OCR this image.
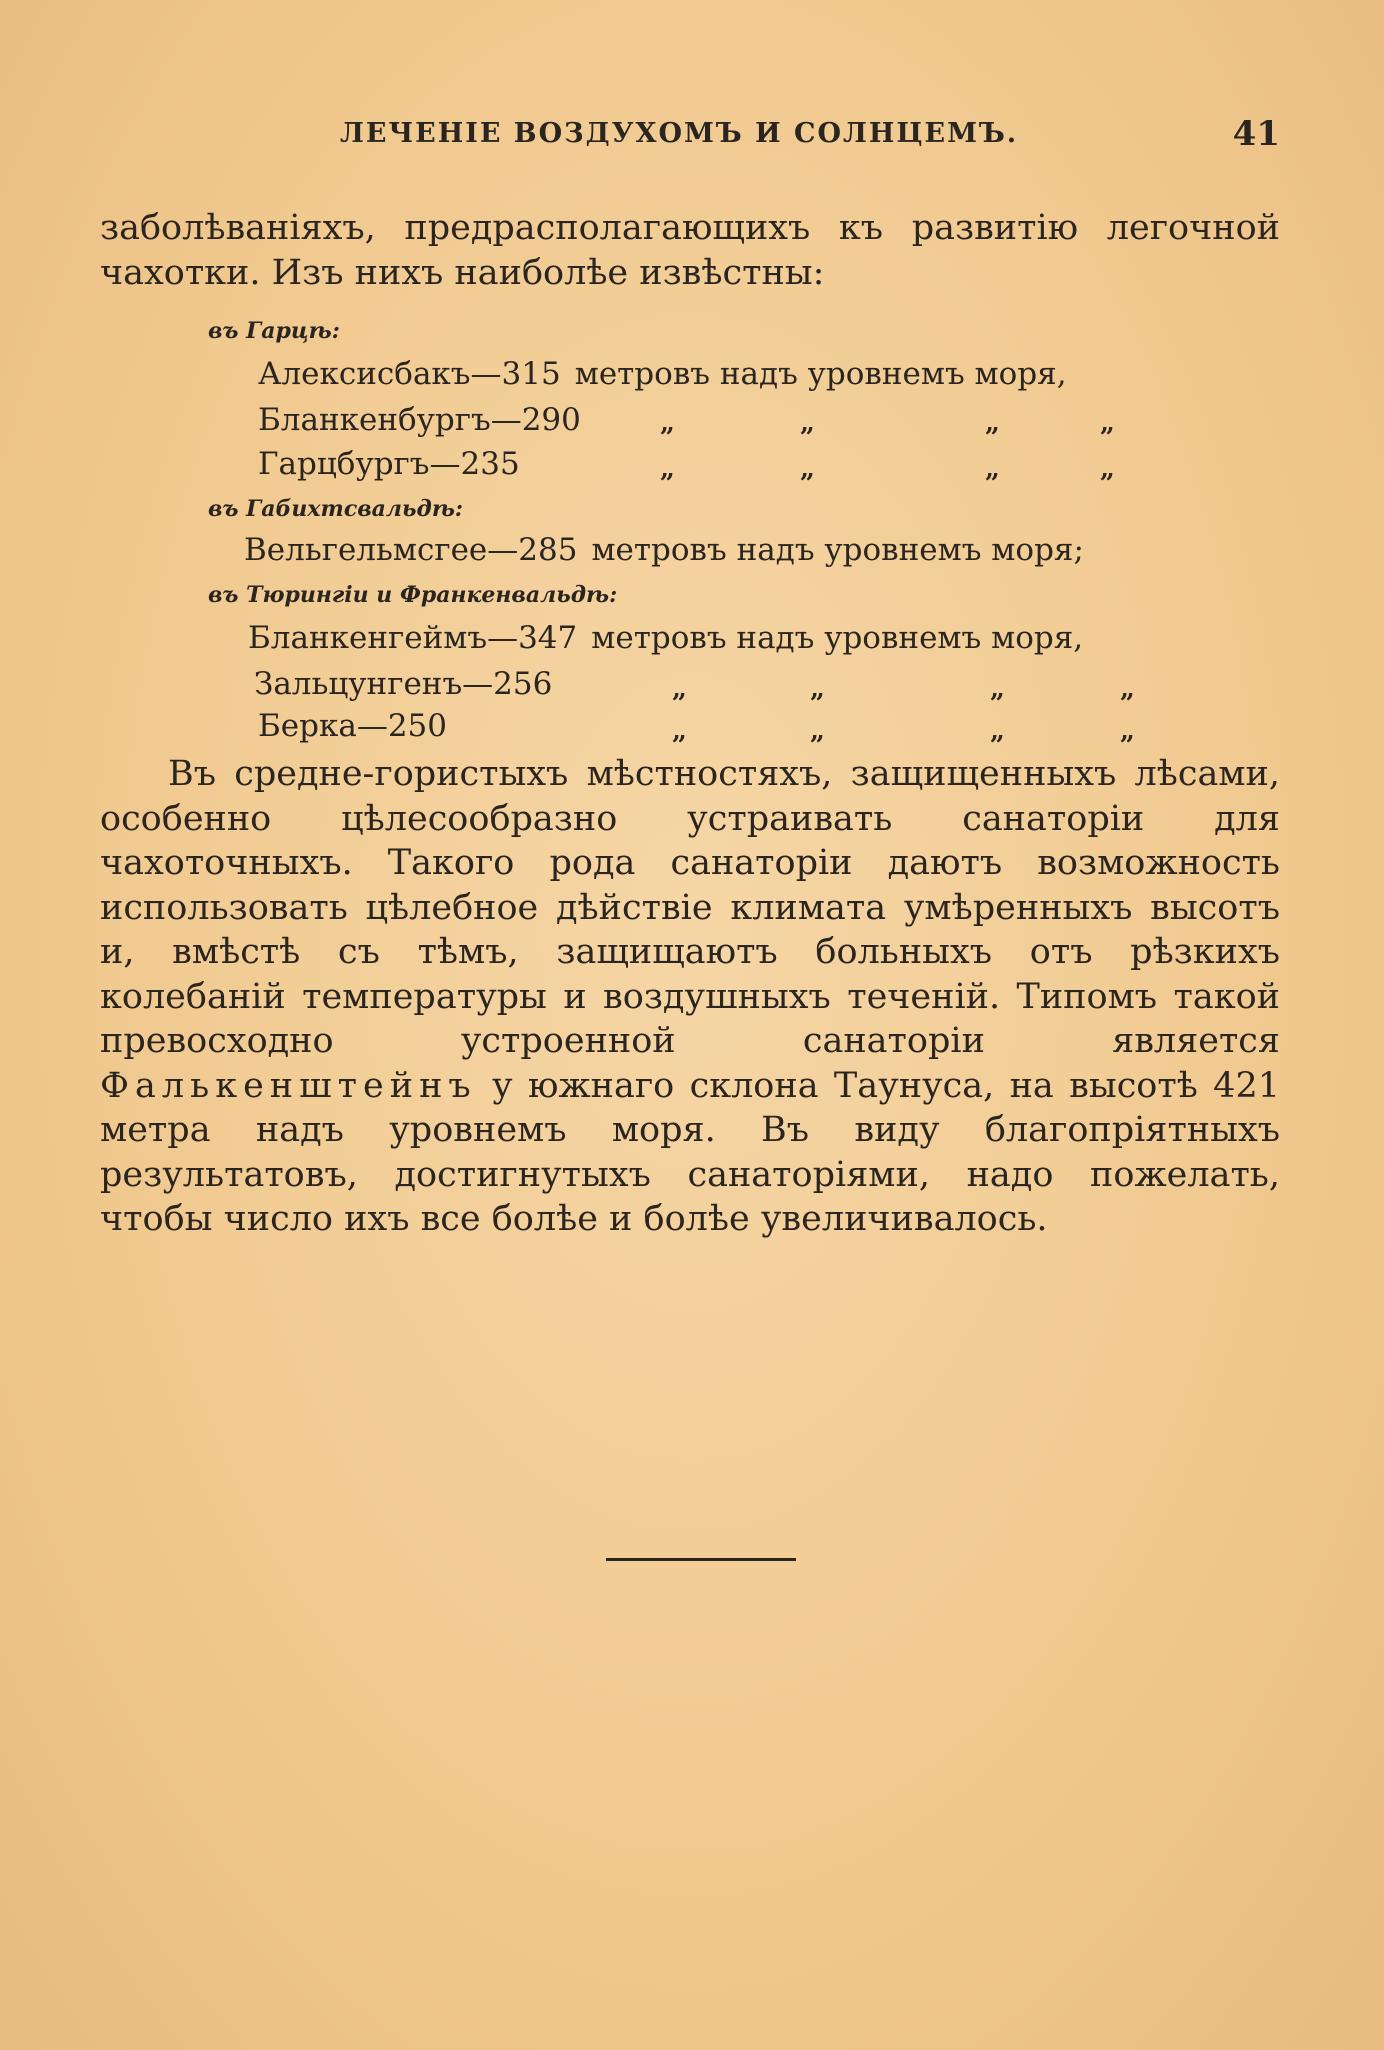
ЛЕЧЕНІЕ ВОЗДУХОМЪ И СОЛНЦЕМЪ.	41
заболѣваніяхъ, предрасполагающихъ къ развитію легочной чахотки. Изъ нихъ наиболѣе извѣстны:
въ Гарцѣ:
Алексисбакъ—315 метровъ надъ уровнемъ моря,
Бланкенбургъ—290	„	„	„	„
Гарцбургъ—235	„	„	„	„
въ Габихтсвальдѣ:
Вельгельмсгее—285 метровъ надъ уровнемъ моря;
въ Тюрингіи и Франкенвальдѣ:
Бланкенгеймъ—347 метровъ надъ уровнемъ моря,
Зальцунгенъ—256	„	„	„	„
Берка—250	„	„	„	„
Въ средне-гористыхъ мѣстностяхъ, защищенныхъ лѣсами, особенно цѣлесообразно устраивать санаторіи для чахоточныхъ. Такого рода санаторіи даютъ возможность использовать цѣлебное дѣйствіе климата умѣренныхъ высотъ и, вмѣстѣ съ тѣмъ, защищаютъ больныхъ отъ рѣзкихъ колебаній температуры и воздушныхъ теченій. Типомъ такой превосходно устроенной санаторіи является Фалькенштейнъ у южнаго склона Таунуса, на высотѣ 421 метра надъ уровнемъ моря. Въ виду благопріятныхъ результатовъ, достигнутыхъ санаторіями, надо пожелать, чтобы число ихъ все болѣе и болѣе увеличивалось.
